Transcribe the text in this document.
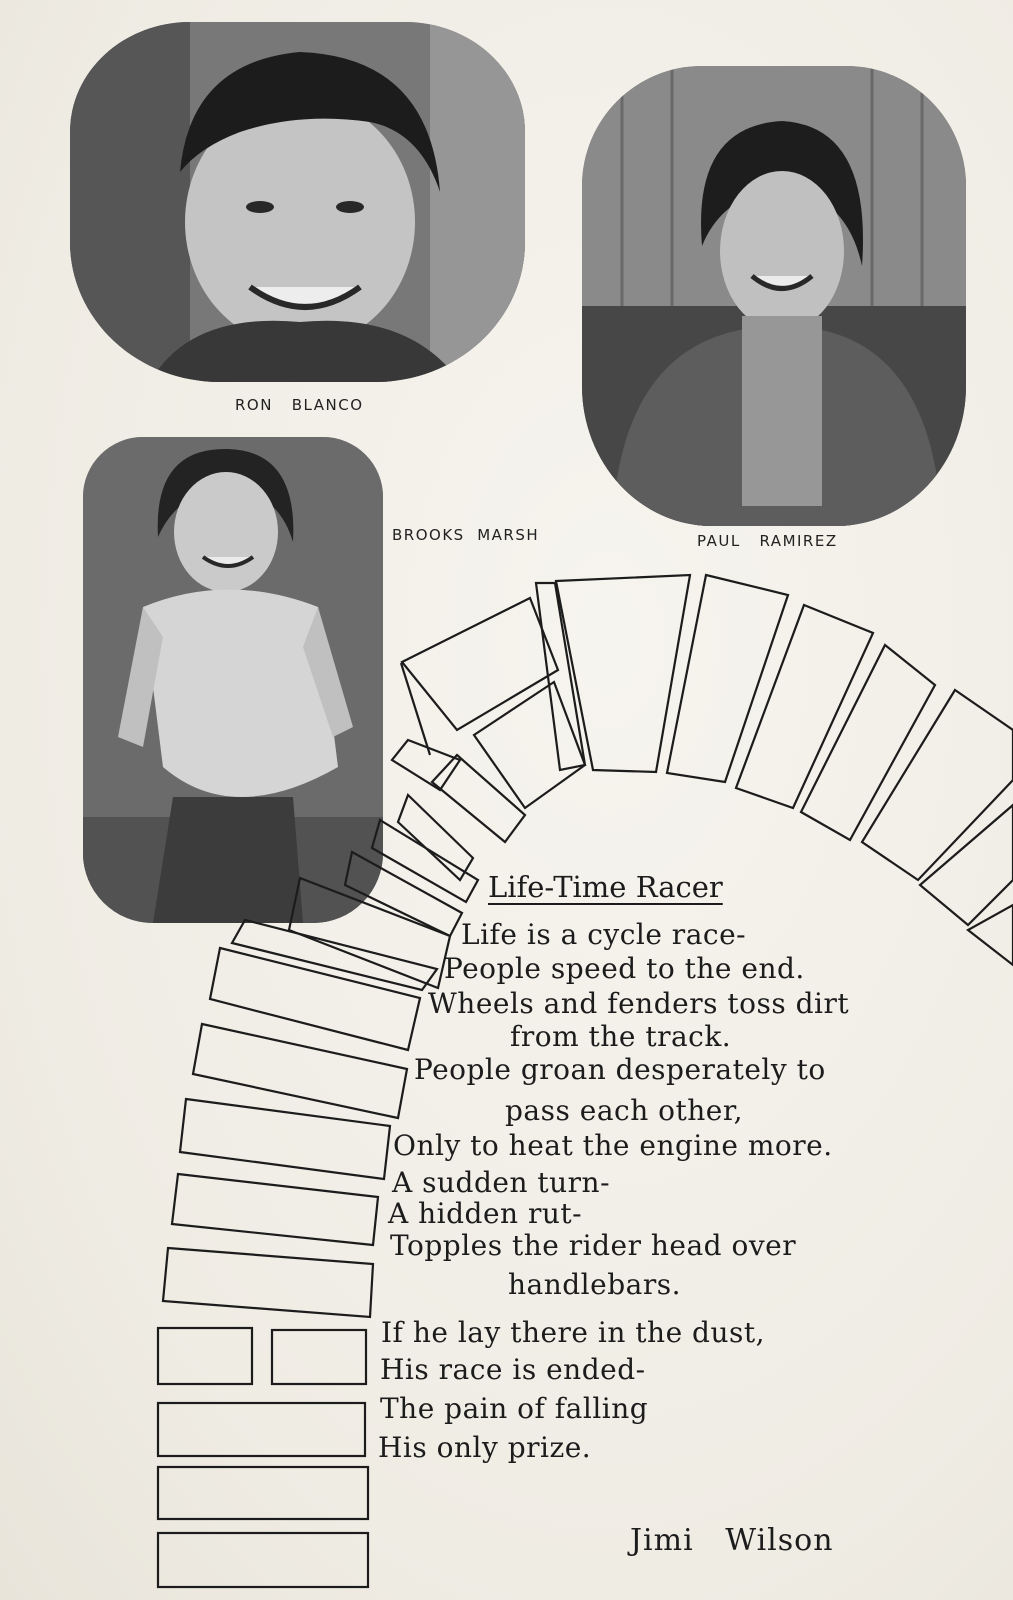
RON   BLANCO
PAUL   RAMIREZ
BROOKS  MARSH
Life-Time Racer
Life is a cycle race-
People speed to the end.
Wheels and fenders toss dirt
from the track.
People groan desperately to
pass each other,
Only to heat the engine more.
A sudden turn-
A hidden rut-
Topples the rider head over
handlebars.
If he lay there in the dust,
His race is ended-
The pain of falling
His only prize.
Jimi   Wilson
